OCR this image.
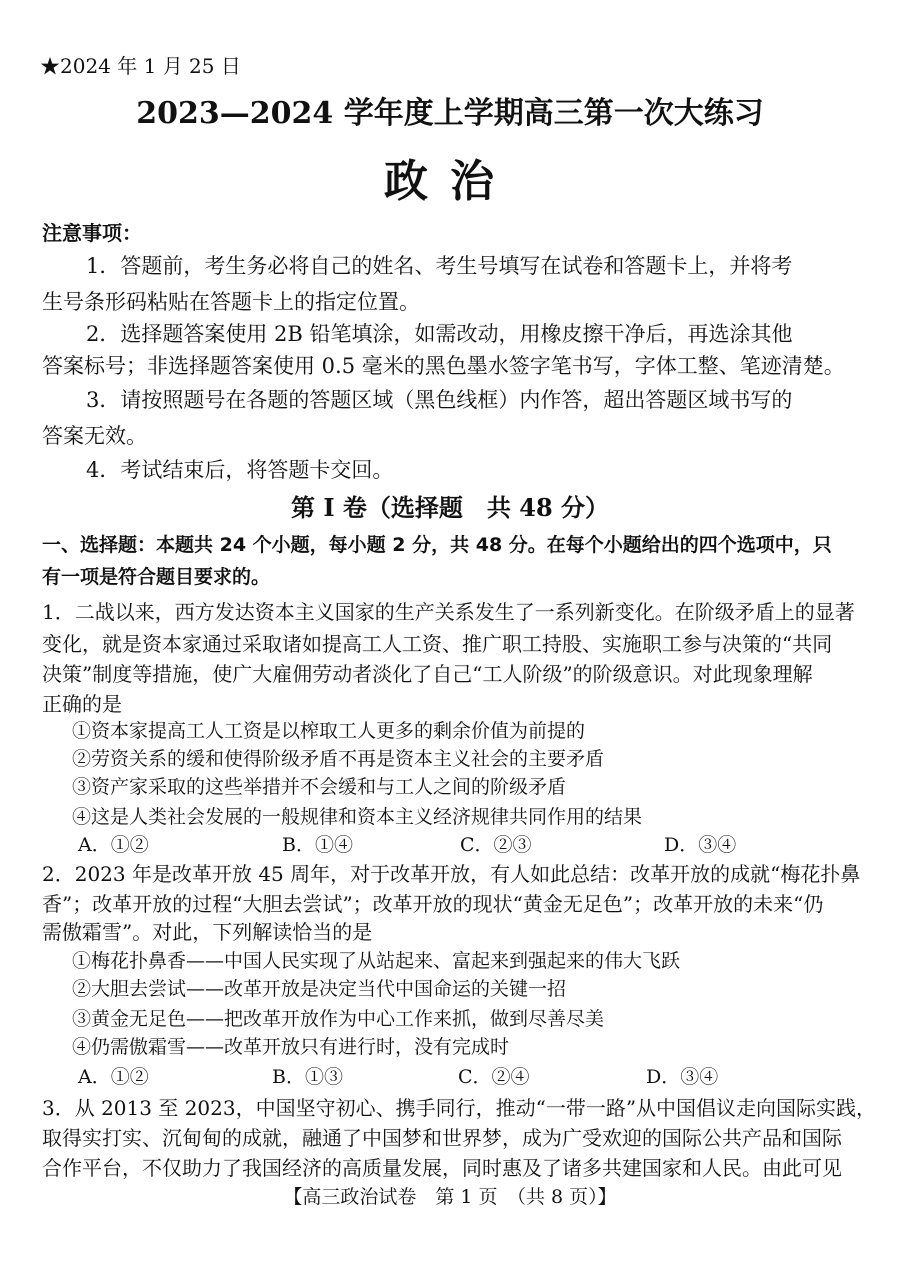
★2024 年 1 月 25 日
2023—2024 学年度上学期高三第一次大练习
政治
注意事项：
1．答题前，考生务必将自己的姓名、考生号填写在试卷和答题卡上，并将考
生号条形码粘贴在答题卡上的指定位置。
2．选择题答案使用 2B 铅笔填涂，如需改动，用橡皮擦干净后，再选涂其他
答案标号；非选择题答案使用 0.5 毫米的黑色墨水签字笔书写，字体工整、笔迹清楚。
3．请按照题号在各题的答题区域（黑色线框）内作答，超出答题区域书写的
答案无效。
4．考试结束后，将答题卡交回。
第 I 卷（选择题　共 48 分）
一、选择题：本题共 24 个小题，每小题 2 分，共 48 分。在每个小题给出的四个选项中，只
有一项是符合题目要求的。
1．二战以来，西方发达资本主义国家的生产关系发生了一系列新变化。在阶级矛盾上的显著
变化，就是资本家通过采取诸如提高工人工资、推广职工持股、实施职工参与决策的“共同
决策”制度等措施，使广大雇佣劳动者淡化了自己“工人阶级”的阶级意识。对此现象理解
正确的是
①资本家提高工人工资是以榨取工人更多的剩余价值为前提的
②劳资关系的缓和使得阶级矛盾不再是资本主义社会的主要矛盾
③资产家采取的这些举措并不会缓和与工人之间的阶级矛盾
④这是人类社会发展的一般规律和资本主义经济规律共同作用的结果
A．①②	B．①④	C．②③	D．③④
2．2023 年是改革开放 45 周年，对于改革开放，有人如此总结：改革开放的成就“梅花扑鼻
香”；改革开放的过程“大胆去尝试”；改革开放的现状“黄金无足色”；改革开放的未来“仍
需傲霜雪”。对此，下列解读恰当的是
①梅花扑鼻香——中国人民实现了从站起来、富起来到强起来的伟大飞跃
②大胆去尝试——改革开放是决定当代中国命运的关键一招
③黄金无足色——把改革开放作为中心工作来抓，做到尽善尽美
④仍需傲霜雪——改革开放只有进行时，没有完成时
A．①②	B．①③	C．②④	D．③④
3．从 2013 至 2023，中国坚守初心、携手同行，推动“一带一路”从中国倡议走向国际实践，
取得实打实、沉甸甸的成就，融通了中国梦和世界梦，成为广受欢迎的国际公共产品和国际
合作平台，不仅助力了我国经济的高质量发展，同时惠及了诸多共建国家和人民。由此可见
【高三政治试卷　第 1 页　（共 8 页）】
